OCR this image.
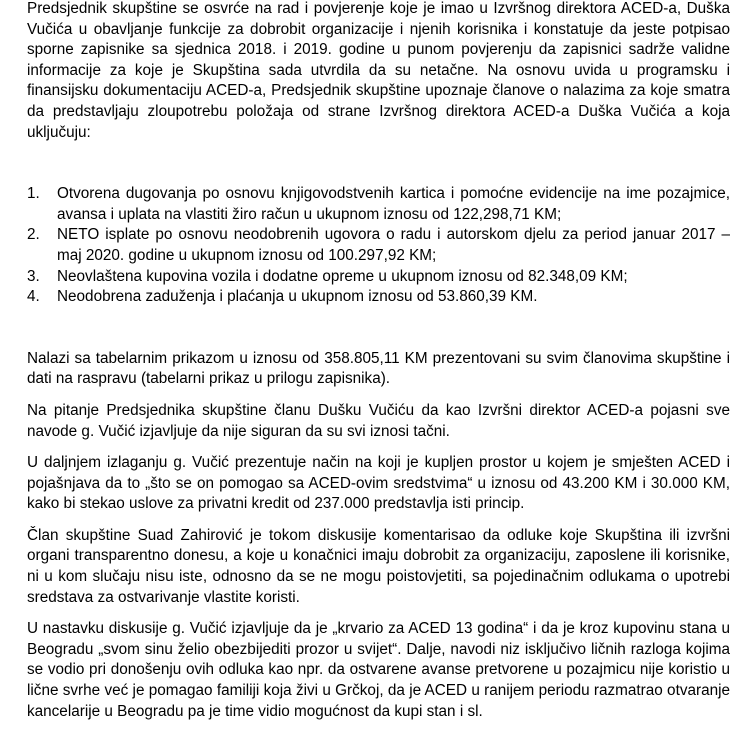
Predsjednik skupštine se osvrće na rad i povjerenje koje je imao u Izvršnog direktora ACED-a, Duška Vučića u obavljanje funkcije za dobrobit organizacije i njenih korisnika i konstatuje da jeste potpisao sporne zapisnike sa sjednica 2018. i 2019. godine u punom povjerenju da zapisnici sadrže validne informacije za koje je Skupština sada utvrdila da su netačne. Na osnovu uvida u programsku i finansijsku dokumentaciju ACED-a, Predsjednik skupštine upoznaje članove o nalazima za koje smatra da predstavljaju zloupotrebu položaja od strane Izvršnog direktora ACED-a Duška Vučića a koja uključuju:

1. Otvorena dugovanja po osnovu knjigovodstvenih kartica i pomoćne evidencije na ime pozajmice, avansa i uplata na vlastiti žiro račun u ukupnom iznosu od 122,298,71 KM;
2. NETO isplate po osnovu neodobrenih ugovora o radu i autorskom djelu za period januar 2017 – maj 2020. godine u ukupnom iznosu od 100.297,92 KM;
3. Neovlaštena kupovina vozila i dodatne opreme u ukupnom iznosu od 82.348,09 KM;
4. Neodobrena zaduženja i plaćanja u ukupnom iznosu od 53.860,39 KM.

Nalazi sa tabelarnim prikazom u iznosu od 358.805,11 KM prezentovani su svim članovima skupštine i dati na raspravu (tabelarni prikaz u prilogu zapisnika).

Na pitanje Predsjednika skupštine članu Dušku Vučiću da kao Izvršni direktor ACED-a pojasni sve navode g. Vučić izjavljuje da nije siguran da su svi iznosi tačni.

U daljnjem izlaganju g. Vučić prezentuje način na koji je kupljen prostor u kojem je smješten ACED i pojašnjava da to „što se on pomogao sa ACED-ovim sredstvima“ u iznosu od 43.200 KM i 30.000 KM, kako bi stekao uslove za privatni kredit od 237.000 predstavlja isti princip.

Član skupštine Suad Zahirović je tokom diskusije komentarisao da odluke koje Skupština ili izvršni organi transparentno donesu, a koje u konačnici imaju dobrobit za organizaciju, zaposlene ili korisnike, ni u kom slučaju nisu iste, odnosno da se ne mogu poistovjetiti, sa pojedinačnim odlukama o upotrebi sredstava za ostvarivanje vlastite koristi.

U nastavku diskusije g. Vučić izjavljuje da je „krvario za ACED 13 godina“ i da je kroz kupovinu stana u Beogradu „svom sinu želio obezbijediti prozor u svijet“. Dalje, navodi niz isključivo ličnih razloga kojima se vodio pri donošenju ovih odluka kao npr. da ostvarene avanse pretvorene u pozajmicu nije koristio u lične svrhe već je pomagao familiji koja živi u Grčkoj, da je ACED u ranijem periodu razmatrao otvaranje kancelarije u Beogradu pa je time vidio mogućnost da kupi stan i sl.
